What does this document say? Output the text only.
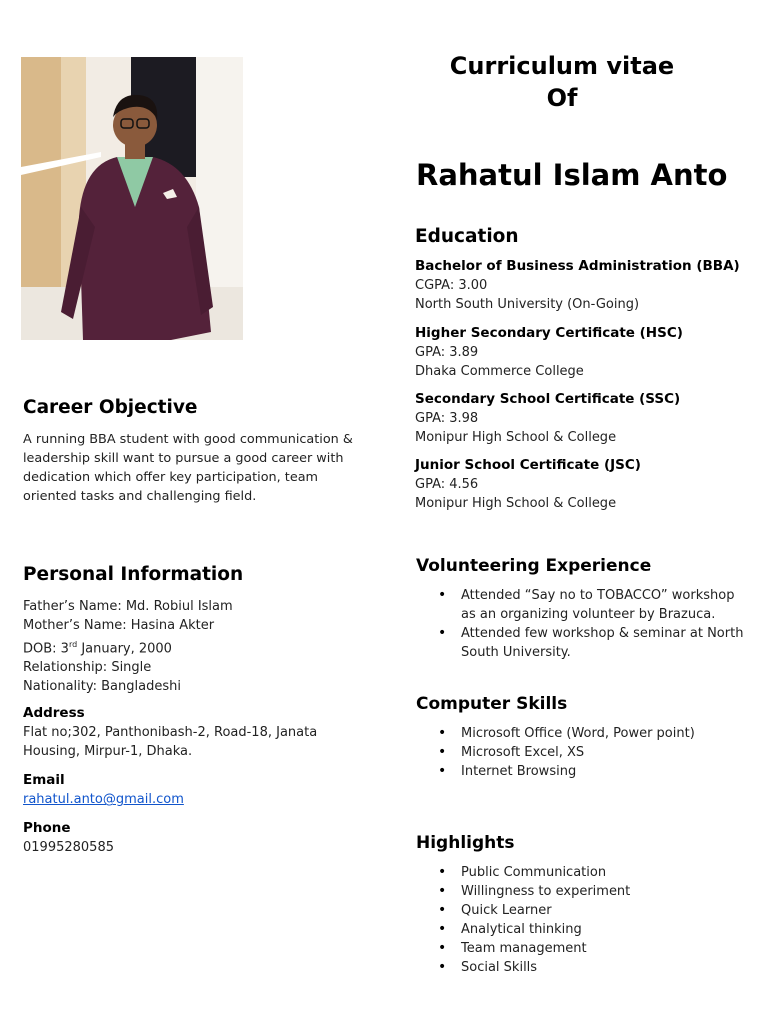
Curriculum vitae
Of
Rahatul Islam Anto
Education
Bachelor of Business Administration (BBA)
CGPA: 3.00
North South University (On-Going)
Higher Secondary Certificate (HSC)
GPA: 3.89
Dhaka Commerce College
Secondary School Certificate (SSC)
GPA: 3.98
Monipur High School & College
Junior School Certificate (JSC)
GPA: 4.56
Monipur High School & College
Career Objective
A running BBA student with good communication & leadership skill want to pursue a good career with dedication which offer key participation, team oriented tasks and challenging field.
Personal Information
Father’s Name: Md. Robiul Islam
Mother’s Name: Hasina Akter
DOB: 3rd January, 2000
Relationship: Single
Nationality: Bangladeshi
Address
Flat no;302, Panthonibash-2, Road-18, Janata
Housing, Mirpur-1, Dhaka.
Email
rahatul.anto@gmail.com
Phone
01995280585
Volunteering Experience
• Attended “Say no to TOBACCO” workshop as an organizing volunteer by Brazuca.
• Attended few workshop & seminar at North South University.
Computer Skills
• Microsoft Office (Word, Power point)
• Microsoft Excel, XS
• Internet Browsing
Highlights
• Public Communication
• Willingness to experiment
• Quick Learner
• Analytical thinking
• Team management
• Social Skills
